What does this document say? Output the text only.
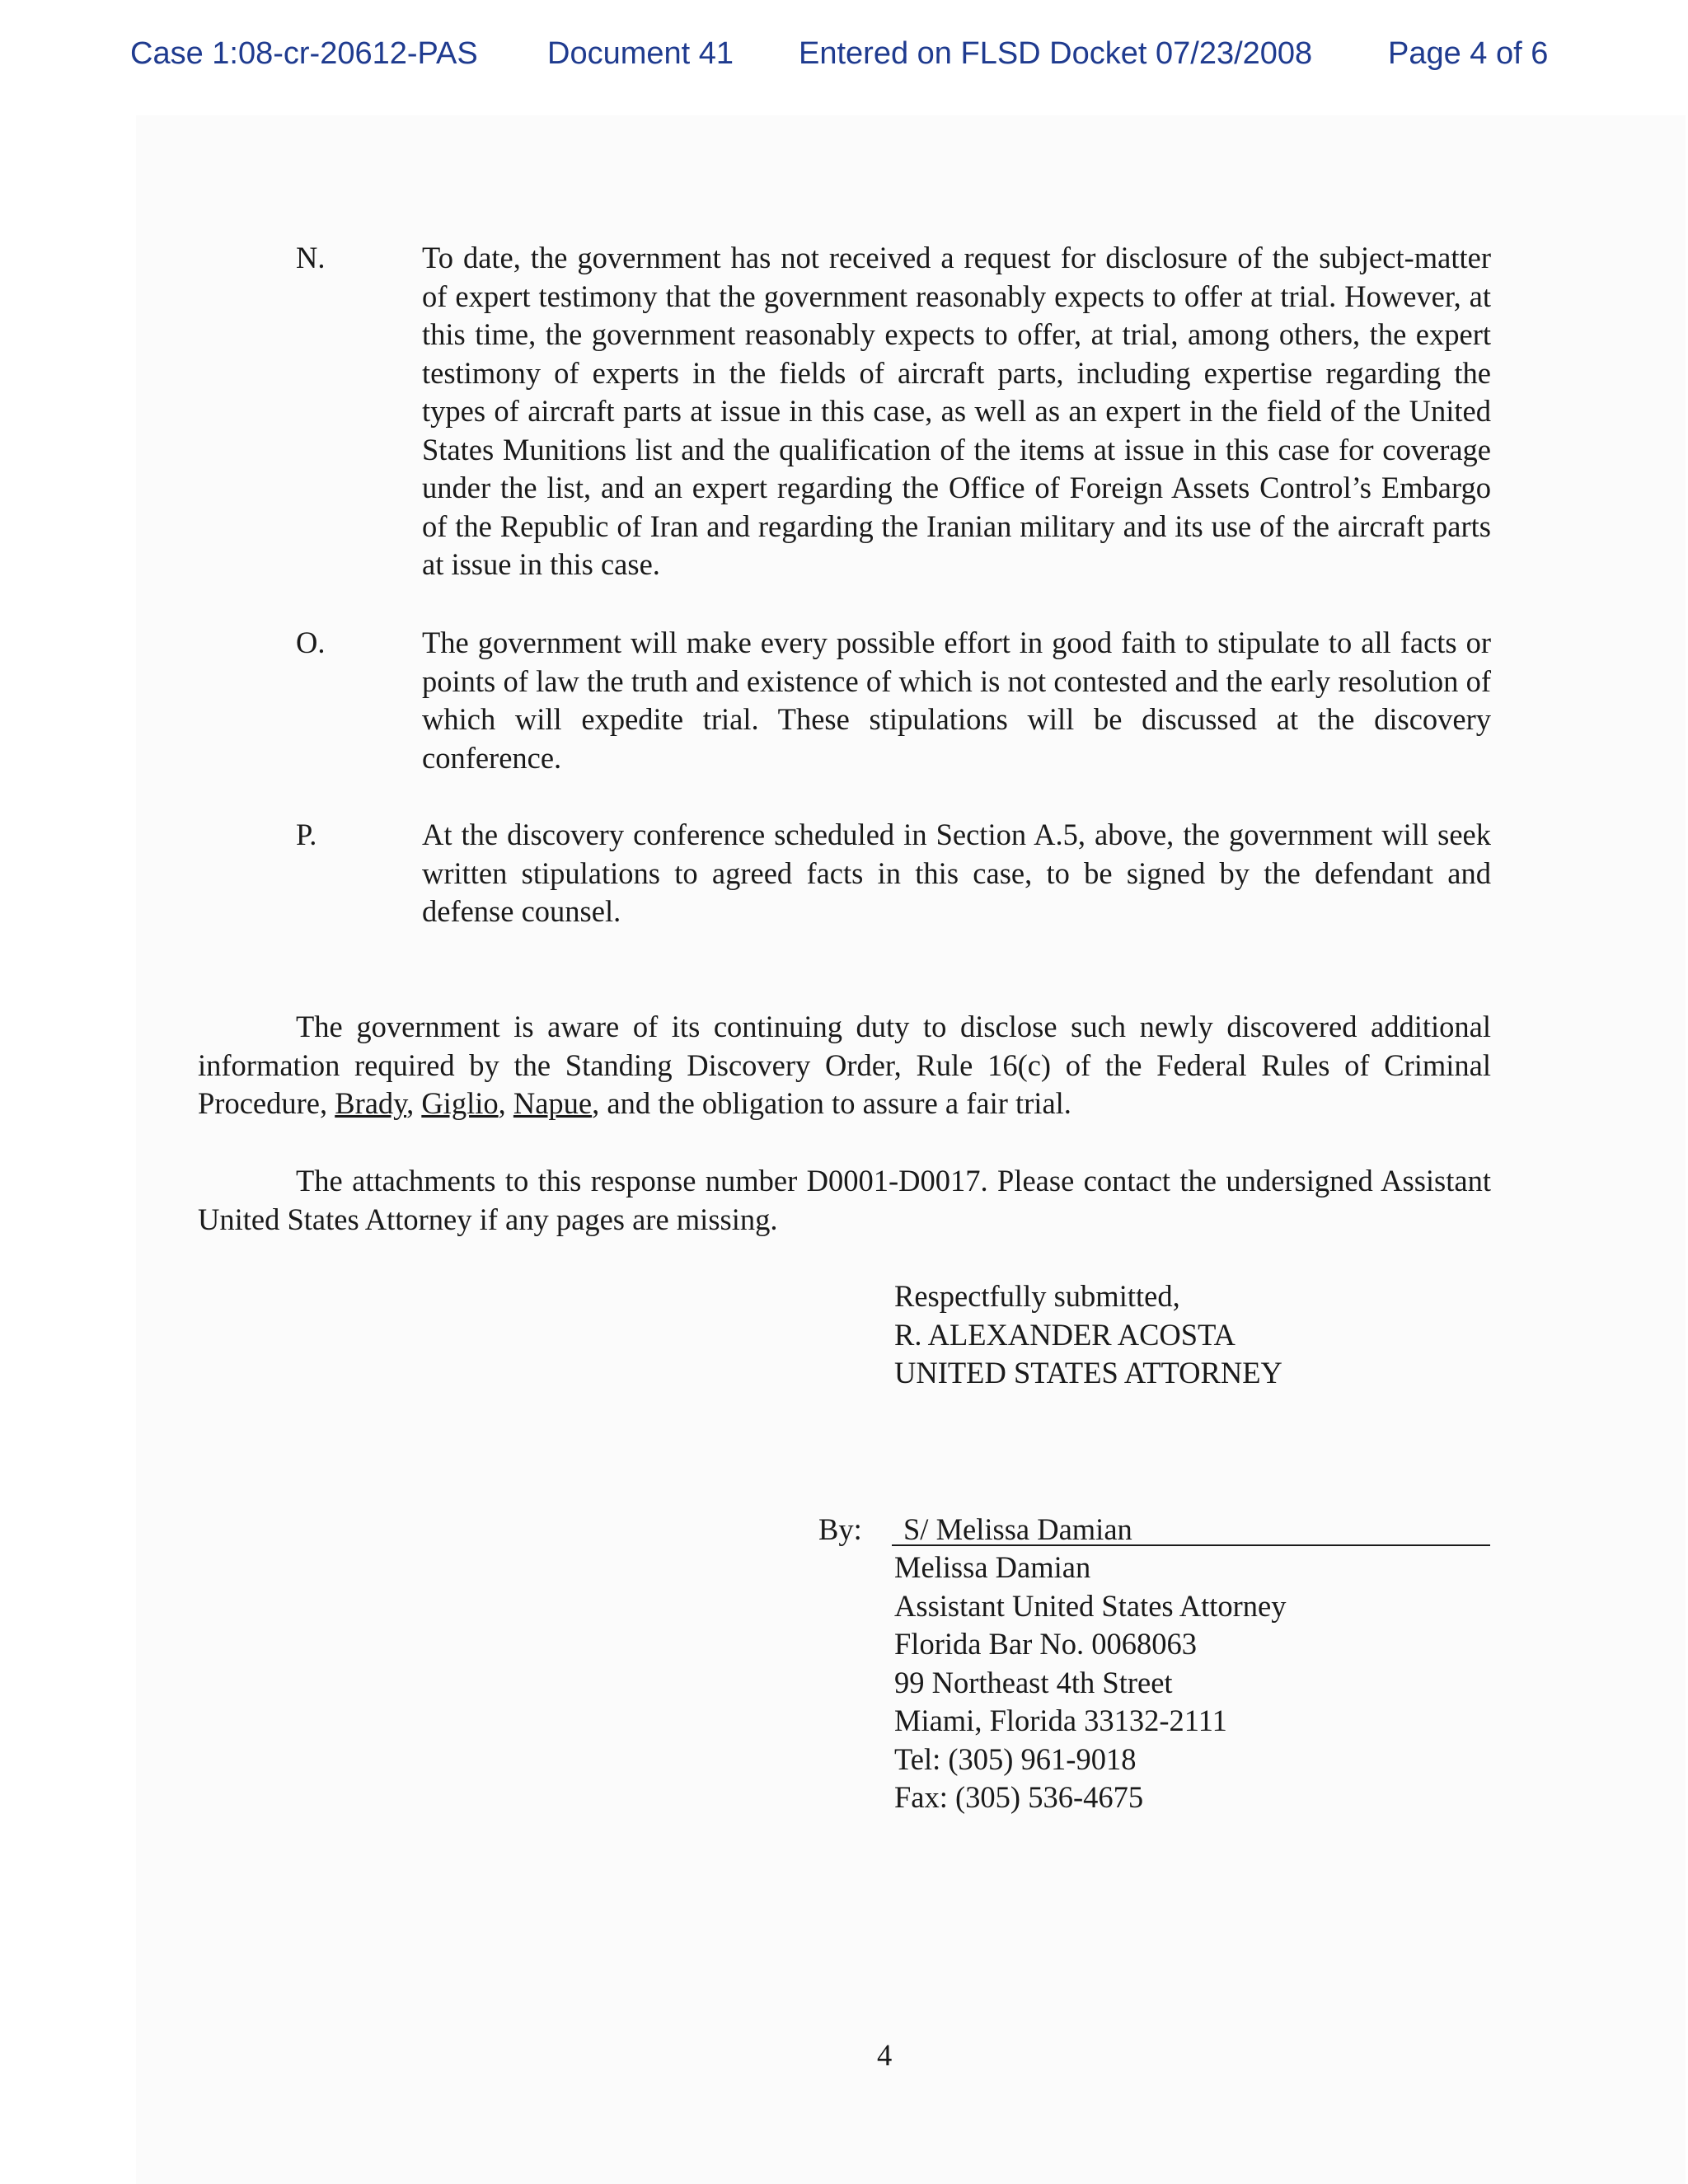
Case 1:08-cr-20612-PAS Document 41 Entered on FLSD Docket 07/23/2008 Page 4 of 6
N.	To date, the government has not received a request for disclosure of the subject-matter of expert testimony that the government reasonably expects to offer at trial. However, at this time, the government reasonably expects to offer, at trial, among others, the expert testimony of experts in the fields of aircraft parts, including expertise regarding the types of aircraft parts at issue in this case, as well as an expert in the field of the United States Munitions list and the qualification of the items at issue in this case for coverage under the list, and an expert regarding the Office of Foreign Assets Control’s Embargo of the Republic of Iran and regarding the Iranian military and its use of the aircraft parts at issue in this case.
O.	The government will make every possible effort in good faith to stipulate to all facts or points of law the truth and existence of which is not contested and the early resolution of which will expedite trial. These stipulations will be discussed at the discovery conference.
P.	At the discovery conference scheduled in Section A.5, above, the government will seek written stipulations to agreed facts in this case, to be signed by the defendant and defense counsel.
The government is aware of its continuing duty to disclose such newly discovered additional information required by the Standing Discovery Order, Rule 16(c) of the Federal Rules of Criminal Procedure, Brady, Giglio, Napue, and the obligation to assure a fair trial.
The attachments to this response number D0001-D0017. Please contact the undersigned Assistant United States Attorney if any pages are missing.
Respectfully submitted,
R. ALEXANDER ACOSTA
UNITED STATES ATTORNEY
By:	S/ Melissa Damian
Melissa Damian
Assistant United States Attorney
Florida Bar No. 0068063
99 Northeast 4th Street
Miami, Florida 33132-2111
Tel: (305) 961-9018
Fax: (305) 536-4675
4
